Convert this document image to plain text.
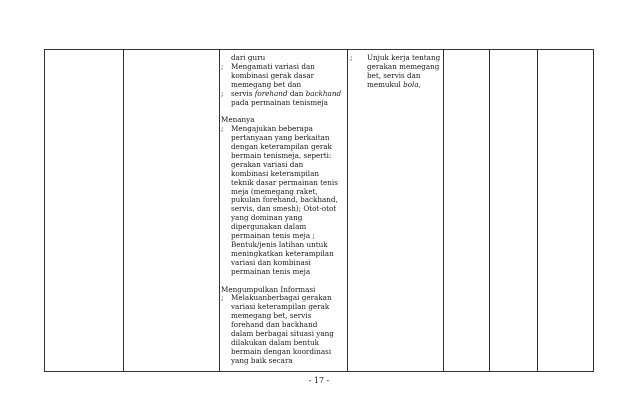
dari guru
; Mengamati variasi dan
kombinasi gerak dasar
memegang bet dan
; servis forehand dan backhand
pada permainan tenismeja
Menanya
; Mengajukan beberapa
pertanyaan yang berkaitan
dengan keterampilan gerak
bermain tenismeja, seperti:
gerakan variasi dan
kombinasi keterampilan
teknik dasar permainan tenis
meja (memegang raket,
pukulan forehand, backhand,
servis, dan smesh); Otot-otot
yang dominan yang
dipergunakan dalam
permainan tenis meja ;
Bentuk/jenis latihan untuk
meningkatkan keterampilan
variasi dan kombinasi
permainan tenis meja
Mengumpulkan Informasi
; Melakuanberbagai gerakan
variasi keterampilan gerak
memegang bet, servis
forehand dan backhand
dalam berbagai situasi yang
dilakukan dalam bentuk
bermain dengan koordinasi
yang baik secara
; Unjuk kerja tentang
gerakan memegang
bet, servis dan
memukul bola,
- 17 -
